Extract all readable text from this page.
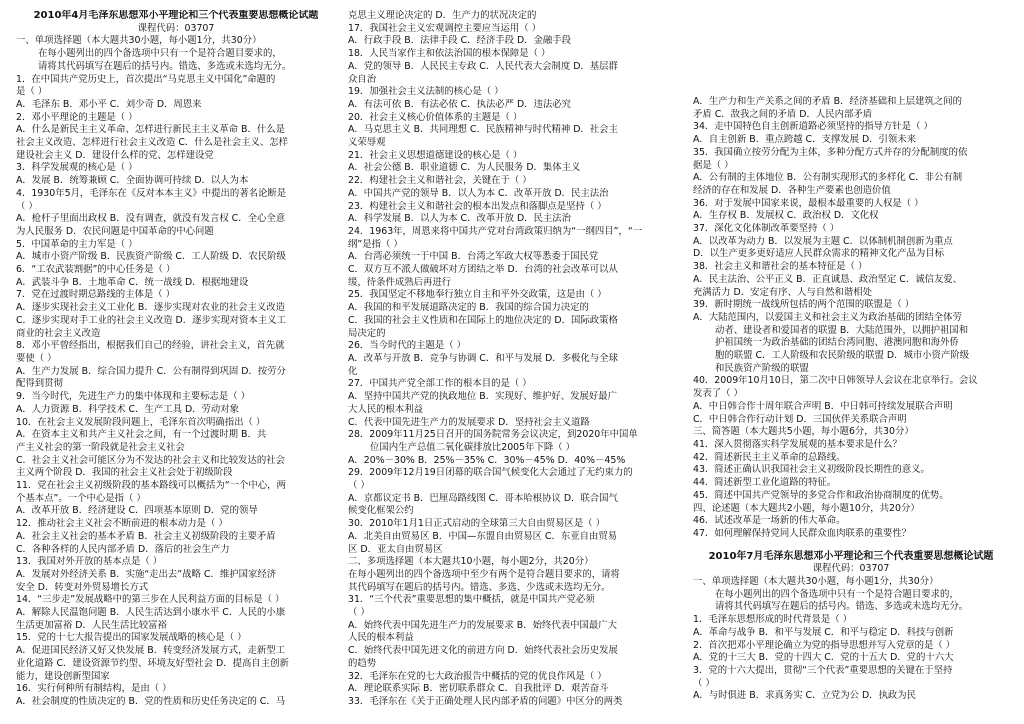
2010年4月毛泽东思想邓小平理论和三个代表重要思想概论试题
课程代码：03707
一、单项选择题（本大题共30小题，每小题1分，共30分）
在每小题列出的四个备选项中只有一个是符合题目要求的，
请将其代码填写在题后的括号内。错选、多选或未选均无分。
1．在中国共产党历史上，首次提出“马克思主义中国化”命题的
是（ ）
A．毛泽东 B．邓小平 C．刘少奇 D．周恩来
2．邓小平理论的主题是（ ）
A．什么是新民主主义革命、怎样进行新民主主义革命 B．什么是
社会主义改造、怎样进行社会主义改造 C．什么是社会主义、怎样
建设社会主义 D．建设什么样的党、怎样建设党
3．科学发展观的核心是（ ）
A．发展 B．统筹兼顾 C．全面协调可持续 D．以人为本
4．1930年5月，毛泽东在《反对本本主义》中提出的著名论断是
（ ）
A．枪杆子里面出政权 B．没有调查，就没有发言权 C．全心全意
为人民服务 D．农民问题是中国革命的中心问题
5．中国革命的主力军是（ ）
A．城市小资产阶级 B．民族资产阶级 C．工人阶级 D．农民阶级
6．“工农武装割据”的中心任务是（ ）
A．武装斗争 B．土地革命 C．统一战线 D．根据地建设
7．党在过渡时期总路线的主体是（ ）
A．逐步实现社会主义工业化 B．逐步实现对农业的社会主义改造
C．逐步实现对手工业的社会主义改造 D．逐步实现对资本主义工
商业的社会主义改造
8．邓小平曾经指出，根据我们自己的经验，讲社会主义，首先就
要使（ ）
A．生产力发展 B．综合国力提升 C．公有制得到巩固 D．按劳分
配得到贯彻
9．当今时代，先进生产力的集中体现和主要标志是（ ）
A．人力资源 B．科学技术 C．生产工具 D．劳动对象
10．在社会主义发展阶段问题上，毛泽东首次明确指出（ ）
A．在资本主义和共产主义社会之间，有一个过渡时期 B．共
产主义社会的第一阶段就是社会主义社会
C．社会主义社会可能区分为不发达的社会主义和比较发达的社会
主义两个阶段 D．我国的社会主义社会处于初级阶段
11．党在社会主义初级阶段的基本路线可以概括为“一个中心，两
个基本点”。一个中心是指（ ）
A．改革开放 B．经济建设 C．四项基本原则 D．党的领导
12．推动社会主义社会不断前进的根本动力是（ ）
A．社会主义社会的基本矛盾 B．社会主义初级阶段的主要矛盾
C．各种各样的人民内部矛盾 D．落后的社会生产力
13．我国对外开放的基本点是（ ）
A．发展对外经济关系 B．实施“走出去”战略 C．维护国家经济
安全 D．转变对外贸易增长方式
14．“三步走”发展战略中的第三步在人民利益方面的目标是（ ）
A．解除人民温饱问题 B．人民生活达到小康水平 C．人民的小康
生活更加富裕 D．人民生活比较富裕
15．党的十七大报告提出的国家发展战略的核心是（ ）
A．促进国民经济又好又快发展 B．转变经济发展方式，走新型工
业化道路 C．建设资源节约型、环境友好型社会 D．提高自主创新
能力，建设创新型国家
16．实行何种所有制结构，是由（ ）
A．社会制度的性质决定的 B．党的性质和历史任务决定的 C．马
克思主义理论决定的 D．生产力的状况决定的
17．我国社会主义宏观调控主要应当运用（ ）
A．行政手段 B．法律手段 C．经济手段 D．金融手段
18．人民当家作主和依法治国的根本保障是（ ）
A．党的领导 B．人民民主专政 C．人民代表大会制度 D．基层群
众自治
19．加强社会主义法制的核心是（ ）
A．有法可依 B．有法必依 C．执法必严 D．违法必究
20．社会主义核心价值体系的主题是（ ）
A．马克思主义 B．共同理想 C．民族精神与时代精神 D．社会主
义荣辱观
21．社会主义思想道德建设的核心是（ ）
A．社会公德 B．职业道德 C．为人民服务 D．集体主义
22．构建社会主义和谐社会，关键在于（ ）
A．中国共产党的领导 B．以人为本 C．改革开放 D．民主法治
23．构建社会主义和谐社会的根本出发点和落脚点是坚持（ ）
A．科学发展 B．以人为本 C．改革开放 D．民主法治
24．1963年，周恩来将中国共产党对台湾政策归纳为“一纲四目”，“一
纲”是指（ ）
A．台湾必须统一于中国 B．台湾之军政大权等悉委于国民党
C．双方互不派人做破坏对方团结之举 D．台湾的社会改革可以从
缓，待条件成熟后再进行
25．我国坚定不移地奉行独立自主和平外交政策，这是由（ ）
A．我国的和平发展道路决定的 B．我国的综合国力决定的
C．我国的社会主义性质和在国际上的地位决定的 D．国际政策格
局决定的
26．当今时代的主题是（ ）
A．改革与开放 B．竞争与协调 C．和平与发展 D．多极化与全球
化
27．中国共产党全部工作的根本目的是（ ）
A．坚持中国共产党的执政地位 B．实现好、维护好、发展好最广
大人民的根本利益
C．代表中国先进生产力的发展要求 D．坚持社会主义道路
28．2009年11月25日召开的国务院常务会议决定，到2020年中国单
位国内生产总值二氧化碳排放比2005年下降（ ）
A．20%－30% B．25%－35% C．30%－45% D．40%－45%
29．2009年12月19日闭幕的联合国气候变化大会通过了无约束力的
（ ）
A．京都议定书 B．巴厘岛路线图 C．哥本哈根协议 D．联合国气
候变化框架公约
30．2010年1月1日正式启动的全球第三大自由贸易区是（ ）
A．北美自由贸易区 B．中国—东盟自由贸易区 C．东亚自由贸易
区 D．亚太自由贸易区
二、多项选择题（本大题共10小题，每小题2分，共20分）
在每小题列出的四个备选项中至少有两个是符合题目要求的，请将
其代码填写在题后的括号内。错选、多选、少选或未选均无分。
31．“三个代表”重要思想的集中概括，就是中国共产党必须
（ ）
A．始终代表中国先进生产力的发展要求 B．始终代表中国最广大
人民的根本利益
C．始终代表中国先进文化的前进方向 D．始终代表社会历史发展
的趋势
32．毛泽东在党的七大政治报告中概括的党的优良作风是（ ）
A．理论联系实际 B．密切联系群众 C．自我批评 D．艰苦奋斗
33．毛泽东在《关于正确处理人民内部矛盾的问题》中区分的两类
A．生产力和生产关系之间的矛盾 B．经济基础和上层建筑之间的
矛盾 C．敌我之间的矛盾 D．人民内部矛盾
34．走中国特色自主创新道路必须坚持的指导方针是（ ）
A．自主创新 B．重点跨越 C．支撑发展 D．引领未来
35．我国确立按劳分配为主体，多种分配方式并存的分配制度的依
据是（ ）
A．公有制的主体地位 B．公有制实现形式的多样化 C．非公有制
经济的存在和发展 D．各种生产要素也创造价值
36．对于发展中国家来说，最根本最重要的人权是（ ）
A．生存权 B．发展权 C．政治权 D．文化权
37．深化文化体制改革要坚持（ ）
A．以改革为动力 B．以发展为主题 C．以体制机制创新为重点
D．以生产更多更好适应人民群众需求的精神文化产品为目标
38．社会主义和谐社会的基本特征是（ ）
A．民主法治、公平正义 B．正直诚恳、政治坚定 C．诚信友爱、
充满活力 D．安定有序、人与自然和谐相处
39．新时期统一战线所包括的两个范围的联盟是（ ）
A．大陆范围内，以爱国主义和社会主义为政治基础的团结全体劳
动者、建设者和爱国者的联盟 B．大陆范围外，以拥护祖国和
护祖国统一为政治基础的团结台湾同胞、港澳同胞和海外侨
胞的联盟 C．工人阶级和农民阶级的联盟 D．城市小资产阶级
和民族资产阶级的联盟
40．2009年10月10日，第二次中日韩领导人会议在北京举行。会议
发表了（ ）
A．中日韩合作十周年联合声明 B．中日韩可持续发展联合声明
C．中日韩合作行动计划 D．三国伙伴关系联合声明
三、简答题（本大题共5小题，每小题6分，共30分）
41．深入贯彻落实科学发展观的基本要求是什么？
42．简述新民主主义革命的总路线。
43．简述正确认识我国社会主义初级阶段长期性的意义。
44．简述新型工业化道路的特征。
45．简述中国共产党领导的多党合作和政治协商制度的优势。
四、论述题（本大题共2小题，每小题10分，共20分）
46．试述改革是一场新的伟大革命。
47．如何理解保持党同人民群众血肉联系的重要性？
2010年7月毛泽东思想邓小平理论和三个代表重要思想概论试题
课程代码：03707
一、单项选择题（本大题共30小题，每小题1分，共30分）
在每小题列出的四个备选项中只有一个是符合题目要求的，
请将其代码填写在题后的括号内。错选、多选或未选均无分。
1．毛泽东思想形成的时代背景是（ ）
A．革命与战争 B．和平与发展 C．和平与稳定 D．科技与创新
2．首次把邓小平理论确立为党的指导思想并写入党章的是（ ）
A．党的十三大 B．党的十四大 C．党的十五大 D．党的十六大
3．党的十六大提出，贯彻“三个代表”重要思想的关键在于坚持
（ ）
A．与时俱进 B．求真务实 C．立党为公 D．执政为民
